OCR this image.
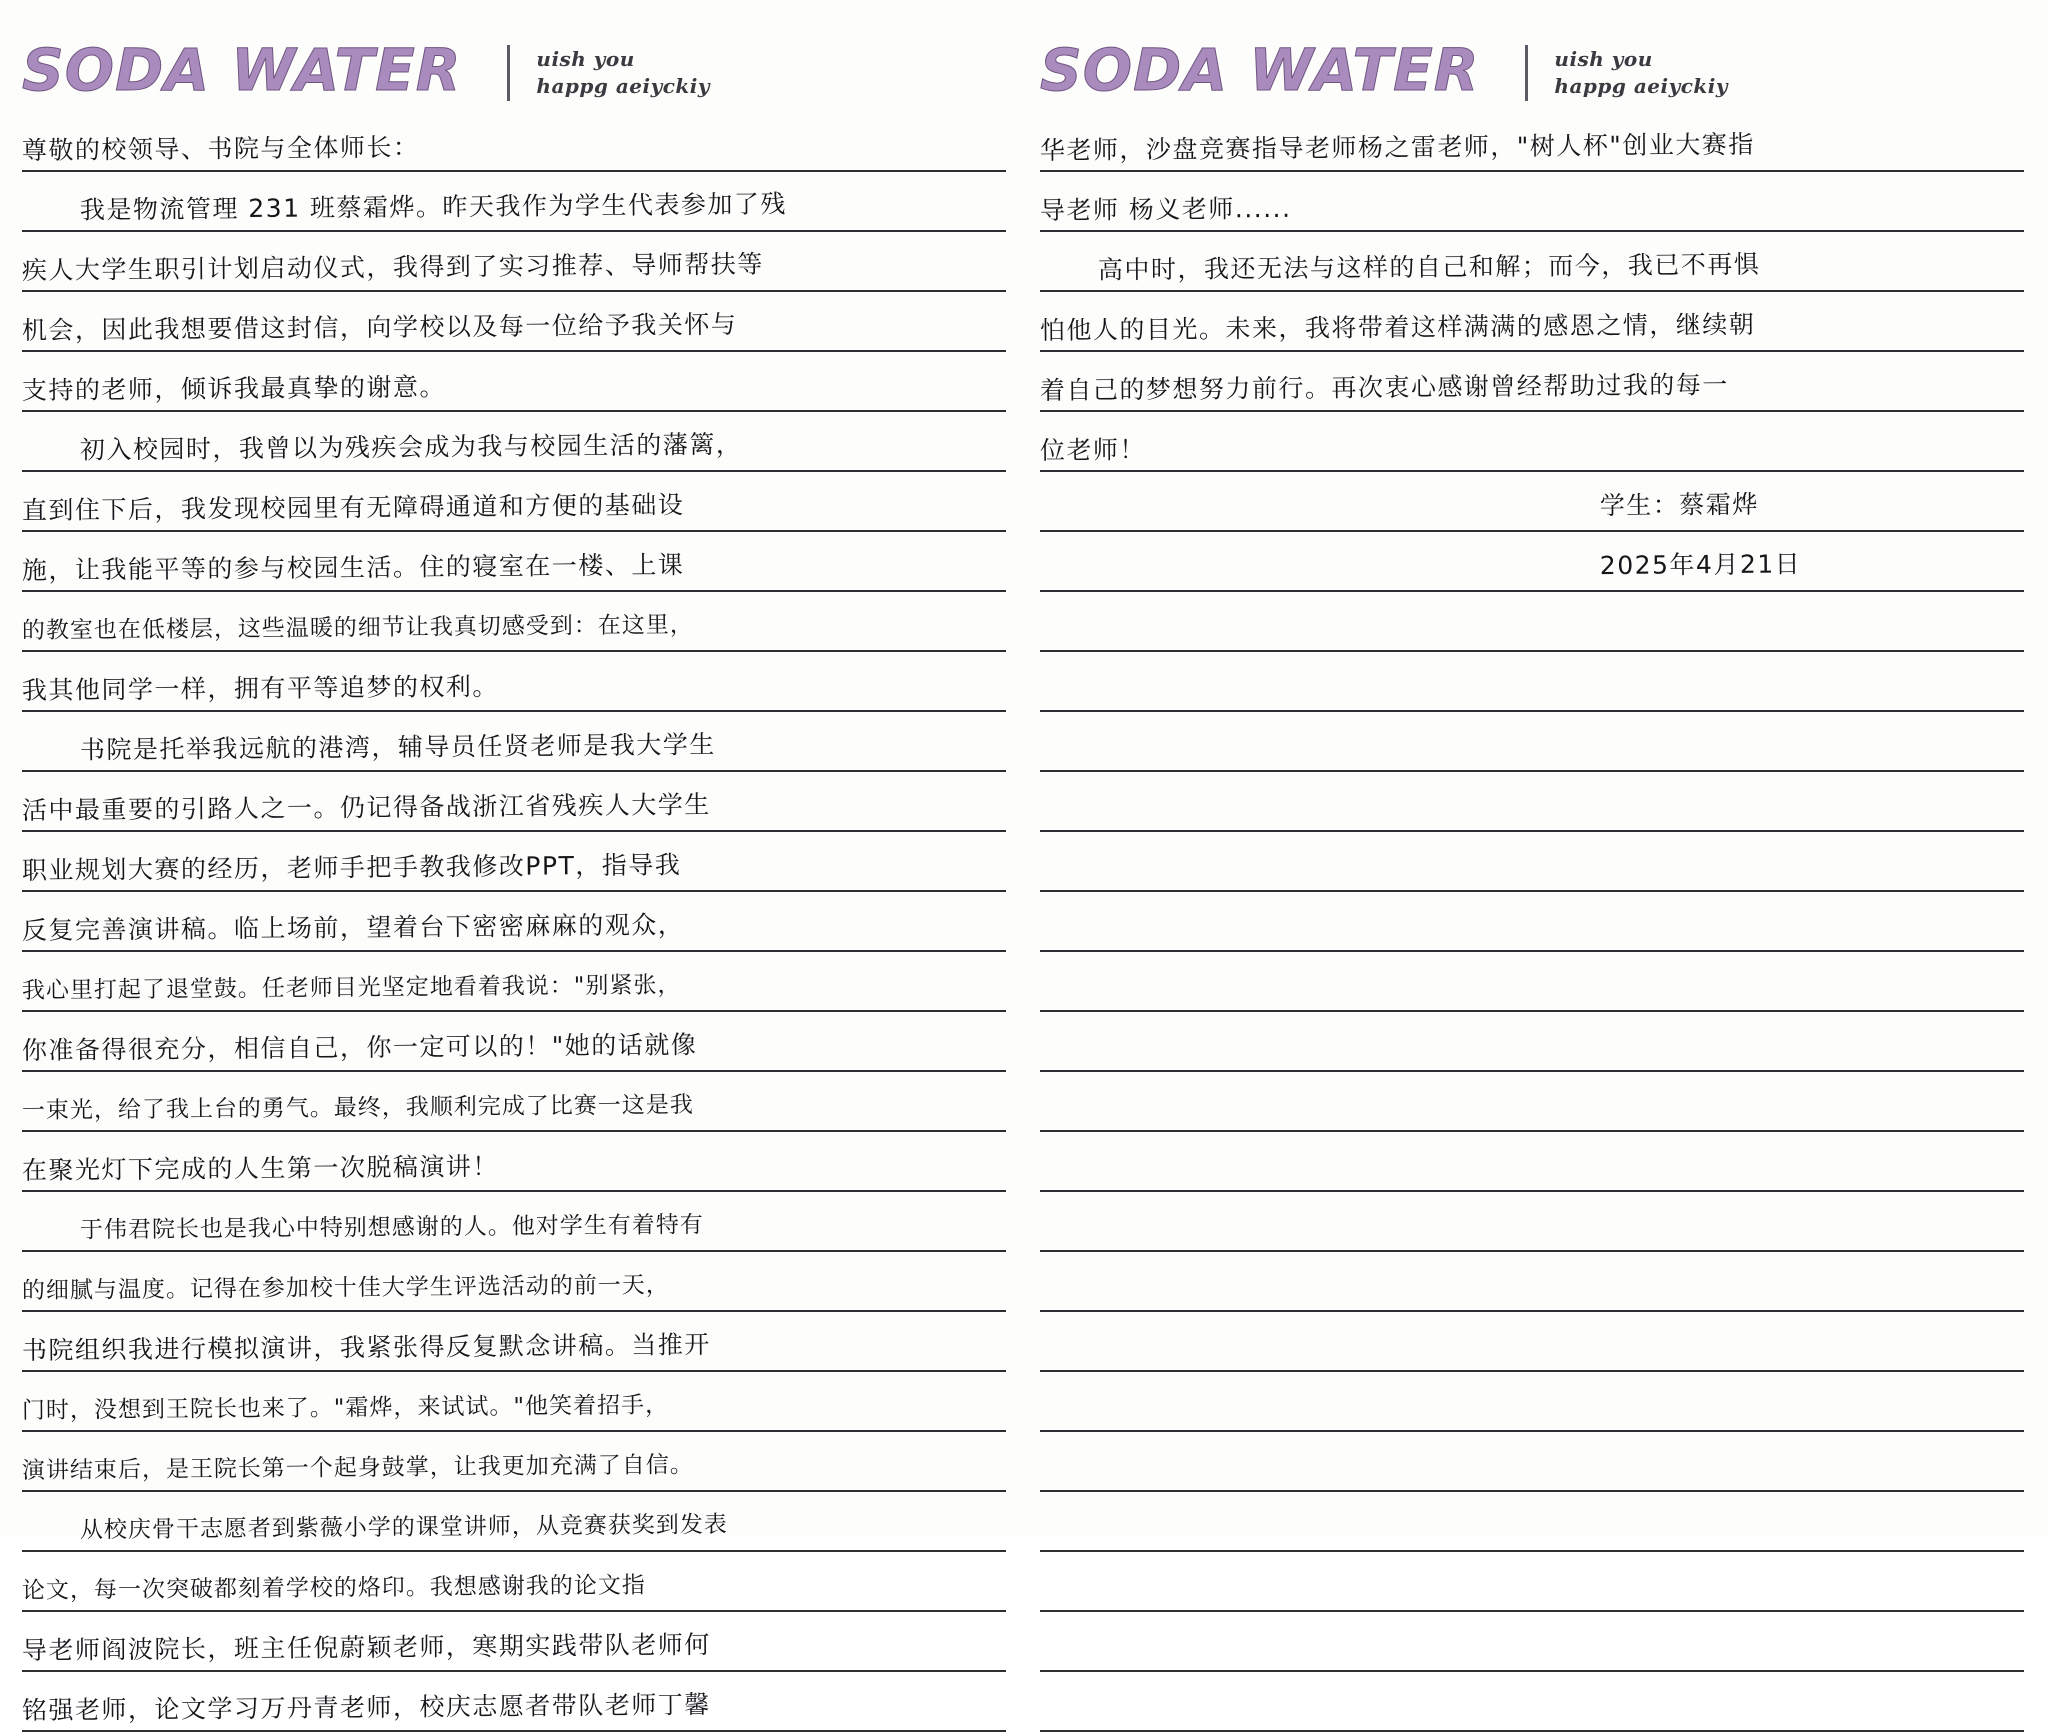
SODA WATER	uish you
happg aeiyckiy
尊敬的校领导、书院与全体师长：
我是物流管理 231 班蔡霜烨。昨天我作为学生代表参加了残
疾人大学生职引计划启动仪式，我得到了实习推荐、导师帮扶等
机会，因此我想要借这封信，向学校以及每一位给予我关怀与
支持的老师，倾诉我最真挚的谢意。
初入校园时，我曾以为残疾会成为我与校园生活的藩篱，
直到住下后，我发现校园里有无障碍通道和方便的基础设
施，让我能平等的参与校园生活。住的寝室在一楼、上课
的教室也在低楼层，这些温暖的细节让我真切感受到：在这里，
我其他同学一样，拥有平等追梦的权利。
书院是托举我远航的港湾，辅导员任贤老师是我大学生
活中最重要的引路人之一。仍记得备战浙江省残疾人大学生
职业规划大赛的经历，老师手把手教我修改PPT，指导我
反复完善演讲稿。临上场前，望着台下密密麻麻的观众，
我心里打起了退堂鼓。任老师目光坚定地看着我说："别紧张，
你准备得很充分，相信自己，你一定可以的！"她的话就像
一束光，给了我上台的勇气。最终，我顺利完成了比赛一这是我
在聚光灯下完成的人生第一次脱稿演讲！
于伟君院长也是我心中特别想感谢的人。他对学生有着特有
的细腻与温度。记得在参加校十佳大学生评选活动的前一天，
书院组织我进行模拟演讲，我紧张得反复默念讲稿。当推开
门时，没想到王院长也来了。"霜烨，来试试。"他笑着招手，
演讲结束后，是王院长第一个起身鼓掌，让我更加充满了自信。
从校庆骨干志愿者到紫薇小学的课堂讲师，从竞赛获奖到发表
论文，每一次突破都刻着学校的烙印。我想感谢我的论文指
导老师阎波院长，班主任倪蔚颖老师，寒期实践带队老师何
铭强老师，论文学习万丹青老师，校庆志愿者带队老师丁馨
SODA WATER	uish you
happg aeiyckiy
华老师，沙盘竞赛指导老师杨之雷老师，"树人杯"创业大赛指
导老师 杨义老师......
高中时，我还无法与这样的自己和解；而今，我已不再惧
怕他人的目光。未来，我将带着这样满满的感恩之情，继续朝
着自己的梦想努力前行。再次衷心感谢曾经帮助过我的每一
位老师！
学生：蔡霜烨
2025年4月21日
